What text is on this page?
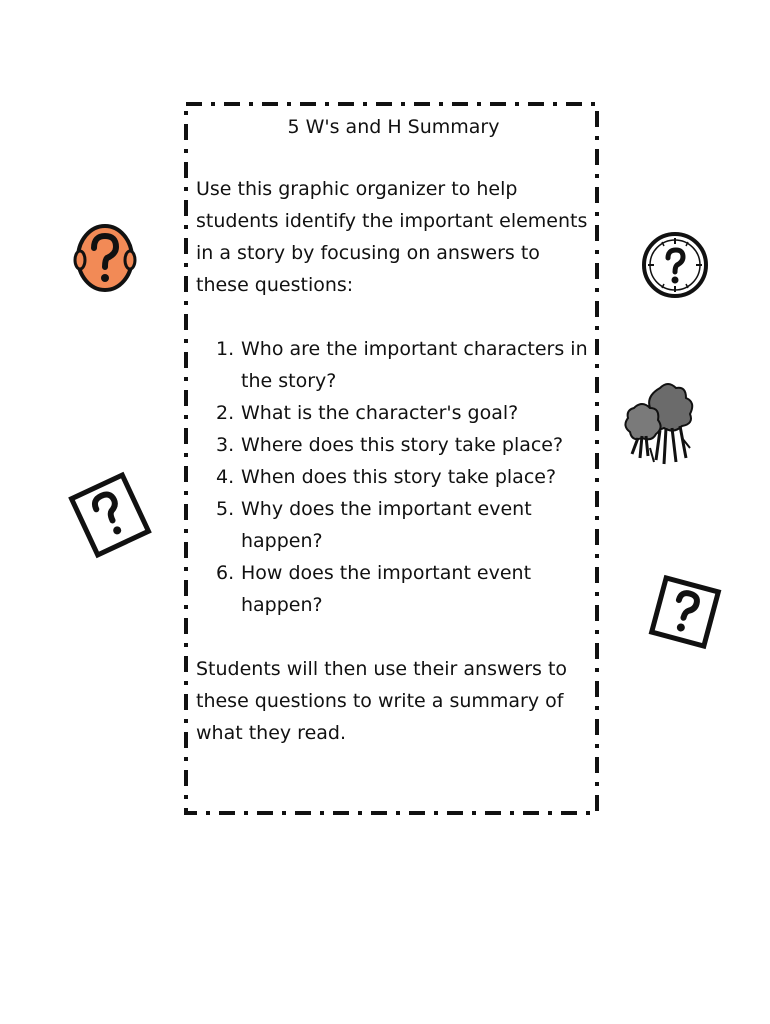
5 W's and H Summary

Use this graphic organizer to help students identify the important elements in a story by focusing on answers to these questions:

1. Who are the important characters in the story?
2. What is the character's goal?
3. Where does this story take place?
4. When does this story take place?
5. Why does the important event happen?
6. How does the important event happen?

Students will then use their answers to these questions to write a summary of what they read.
